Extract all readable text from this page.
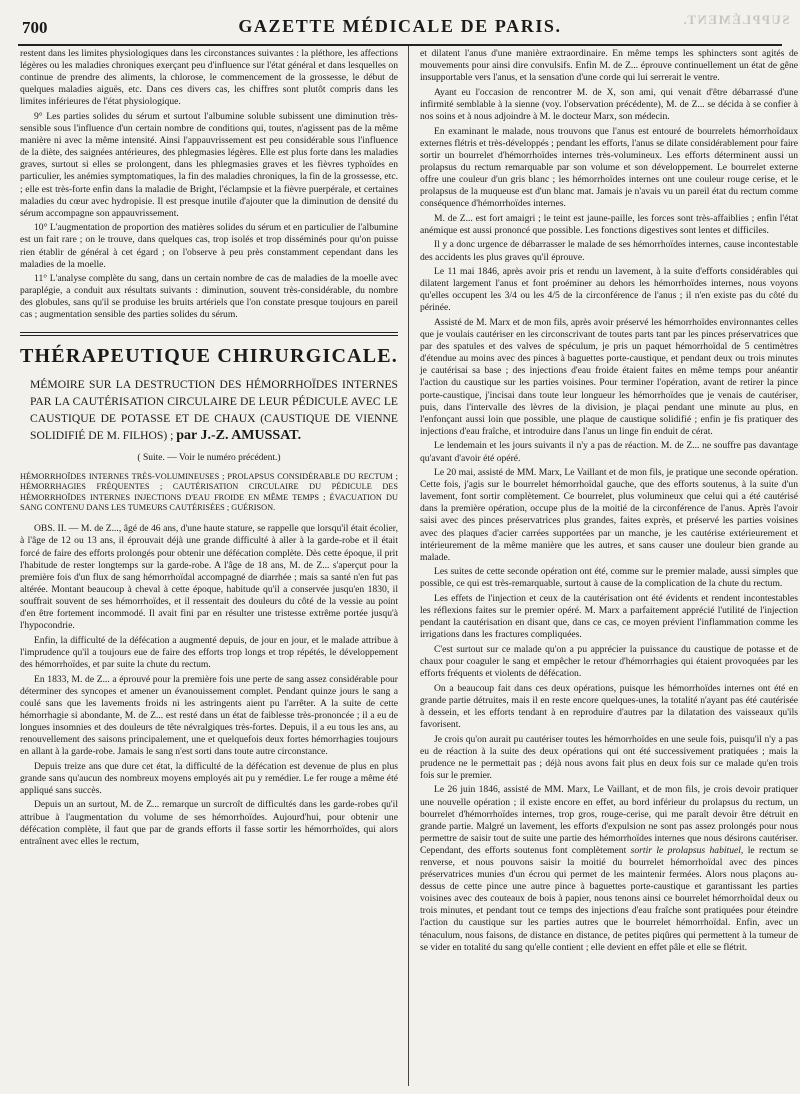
700	GAZETTE MÉDICALE DE PARIS.	SUPPLÉMENT.

restent dans les limites physiologiques dans les circonstances suivantes : la pléthore, les affections légères ou les maladies chroniques exerçant peu d'influence sur l'état général et dans lesquelles on continue de prendre des aliments, la chlorose, le commencement de la grossesse, le début de quelques maladies aiguës, etc. Dans ces divers cas, les chiffres sont plutôt compris dans les limites inférieures de l'état physiologique.

9° Les parties solides du sérum et surtout l'albumine soluble subissent une diminution très-sensible sous l'influence d'un certain nombre de conditions qui, toutes, n'agissent pas de la même manière ni avec la même intensité. Ainsi l'appauvrissement est peu considérable sous l'influence de la diète, des saignées antérieures, des phlegmasies légères. Elle est plus forte dans les maladies graves, surtout si elles se prolongent, dans les phlegmasies graves et les fièvres typhoïdes en particulier, les anémies symptomatiques, la fin des maladies chroniques, la fin de la grossesse, etc. ; elle est très-forte enfin dans la maladie de Bright, l'éclampsie et la fièvre puerpérale, et certaines maladies du cœur avec hydropisie. Il est presque inutile d'ajouter que la diminution de densité du sérum accompagne son appauvrissement.

10° L'augmentation de proportion des matières solides du sérum et en particulier de l'albumine est un fait rare ; on le trouve, dans quelques cas, trop isolés et trop disséminés pour qu'on puisse rien établir de général à cet égard ; on l'observe à peu près constamment cependant dans les maladies de la moelle.

11° L'analyse complète du sang, dans un certain nombre de cas de maladies de la moelle avec paraplégie, a conduit aux résultats suivants : diminution, souvent très-considérable, du nombre des globules, sans qu'il se produise les bruits artériels que l'on constate presque toujours en pareil cas ; augmentation sensible des parties solides du sérum.

THÉRAPEUTIQUE CHIRURGICALE.

MÉMOIRE SUR LA DESTRUCTION DES HÉMORRHOÏDES INTERNES PAR LA CAUTÉRISATION CIRCULAIRE DE LEUR PÉDICULE AVEC LE CAUSTIQUE DE POTASSE ET DE CHAUX (CAUSTIQUE DE VIENNE SOLIDIFIÉ DE M. FILHOS) ; par J.-Z. AMUSSAT.

( Suite. — Voir le numéro précédent.)

HÉMORRHOÏDES INTERNES TRÈS-VOLUMINEUSES ; PROLAPSUS CONSIDÉRABLE DU RECTUM ; HÉMORRHAGIES FRÉQUENTES ; CAUTÉRISATION CIRCULAIRE DU PÉDICULE DES HÉMORRHOÏDES INTERNES INJECTIONS D'EAU FROIDE EN MÊME TEMPS ; ÉVACUATION DU SANG CONTENU DANS LES TUMEURS CAUTÉRISÉES ; GUÉRISON.

OBS. II. — M. de Z..., âgé de 46 ans, d'une haute stature, se rappelle que lorsqu'il était écolier, à l'âge de 12 ou 13 ans, il éprouvait déjà une grande difficulté à aller à la garde-robe et il était forcé de faire des efforts prolongés pour obtenir une défécation complète. Dès cette époque, il prit l'habitude de rester longtemps sur la garde-robe. A l'âge de 18 ans, M. de Z... s'aperçut pour la première fois d'un flux de sang hémorrhoïdal accompagné de diarrhée ; mais sa santé n'en fut pas altérée. Montant beaucoup à cheval à cette époque, habitude qu'il a conservée jusqu'en 1830, il souffrait souvent de ses hémorrhoïdes, et il ressentait des douleurs du côté de la vessie au point d'en être fortement incommodé. Il avait fini par en résulter une tristesse extrême portée jusqu'à l'hypocondrie.

Enfin, la difficulté de la défécation a augmenté depuis, de jour en jour, et le malade attribue à l'imprudence qu'il a toujours eue de faire des efforts trop longs et trop répétés, le développement des hémorrhoïdes, et par suite la chute du rectum.

En 1833, M. de Z... a éprouvé pour la première fois une perte de sang assez considérable pour déterminer des syncopes et amener un évanouissement complet. Pendant quinze jours le sang a coulé sans que les lavements froids ni les astringents aient pu l'arrêter. A la suite de cette hémorrhagie si abondante, M. de Z... est resté dans un état de faiblesse très-prononcée ; il a eu de longues insomnies et des douleurs de tête névralgiques très-fortes. Depuis, il a eu tous les ans, au renouvellement des saisons principalement, une et quelquefois deux fortes hémorrhagies toujours en allant à la garde-robe. Jamais le sang n'est sorti dans toute autre circonstance.

Depuis treize ans que dure cet état, la difficulté de la défécation est devenue de plus en plus grande sans qu'aucun des nombreux moyens employés ait pu y remédier. Le fer rouge a même été appliqué sans succès.

Depuis un an surtout, M. de Z... remarque un surcroît de difficultés dans les garde-robes qu'il attribue à l'augmentation du volume de ses hémorrhoïdes. Aujourd'hui, pour obtenir une défécation complète, il faut que par de grands efforts il fasse sortir les hémorrhoïdes, qui alors entraînent avec elles le rectum,

et dilatent l'anus d'une manière extraordinaire. En même temps les sphincters sont agités de mouvements pour ainsi dire convulsifs. Enfin M. de Z... éprouve continuellement un état de gêne insupportable vers l'anus, et la sensation d'une corde qui lui serrerait le ventre.

Ayant eu l'occasion de rencontrer M. de X, son ami, qui venait d'être débarrassé d'une infirmité semblable à la sienne (voy. l'observation précédente), M. de Z... se décida à se confier à nos soins et à nous adjoindre à M. le docteur Marx, son médecin.

En examinant le malade, nous trouvons que l'anus est entouré de bourrelets hémorrhoïdaux externes flétris et très-développés ; pendant les efforts, l'anus se dilate considérablement pour faire sortir un bourrelet d'hémorrhoïdes internes très-volumineux. Les efforts déterminent aussi un prolapsus du rectum remarquable par son volume et son développement. Le bourrelet externe offre une couleur d'un gris blanc ; les hémorrhoïdes internes ont une couleur rouge cerise, et le prolapsus de la muqueuse est d'un blanc mat. Jamais je n'avais vu un pareil état du rectum comme conséquence d'hémorrhoïdes internes.

M. de Z... est fort amaigri ; le teint est jaune-paille, les forces sont très-affaiblies ; enfin l'état anémique est aussi prononcé que possible. Les fonctions digestives sont lentes et difficiles.

Il y a donc urgence de débarrasser le malade de ses hémorrhoïdes internes, cause incontestable des accidents les plus graves qu'il éprouve.

Le 11 mai 1846, après avoir pris et rendu un lavement, à la suite d'efforts considérables qui dilatent largement l'anus et font proéminer au dehors les hémorrhoïdes internes, nous voyons qu'elles occupent les 3/4 ou les 4/5 de la circonférence de l'anus ; il n'en existe pas du côté du périnée.

Assisté de M. Marx et de mon fils, après avoir préservé les hémorrhoïdes environnantes celles que je voulais cautériser en les circonscrivant de toutes parts tant par les pinces préservatrices que par des spatules et des valves de spéculum, je pris un paquet hémorrhoïdal de 5 centimètres d'étendue au moins avec des pinces à baguettes porte-caustique, et pendant deux ou trois minutes je cautérisai sa base ; des injections d'eau froide étaient faites en même temps pour anéantir l'action du caustique sur les parties voisines. Pour terminer l'opération, avant de retirer la pince porte-caustique, j'incisai dans toute leur longueur les hémorrhoïdes que je venais de cautériser, puis, dans l'intervalle des lèvres de la division, je plaçai pendant une minute au plus, en l'enfonçant aussi loin que possible, une plaque de caustique solidifié ; enfin je fis pratiquer des injections d'eau fraîche, et introduire dans l'anus un linge fin enduit de cérat.

Le lendemain et les jours suivants il n'y a pas de réaction. M. de Z... ne souffre pas davantage qu'avant d'avoir été opéré.

Le 20 mai, assisté de MM. Marx, Le Vaillant et de mon fils, je pratique une seconde opération. Cette fois, j'agis sur le bourrelet hémorrhoïdal gauche, que des efforts soutenus, à la suite d'un lavement, font sortir complètement. Ce bourrelet, plus volumineux que celui qui a été cautérisé dans la première opération, occupe plus de la moitié de la circonférence de l'anus. Après l'avoir saisi avec des pinces préservatrices plus grandes, faites exprès, et préservé les parties voisines avec des plaques d'acier carrées supportées par un manche, je les cautérise extérieurement et intérieurement de la même manière que les autres, et sans causer une douleur bien grande au malade.

Les suites de cette seconde opération ont été, comme sur le premier malade, aussi simples que possible, ce qui est très-remarquable, surtout à cause de la complication de la chute du rectum.

Les effets de l'injection et ceux de la cautérisation ont été évidents et rendent incontestables les réflexions faites sur le premier opéré. M. Marx a parfaitement apprécié l'utilité de l'injection pendant la cautérisation en disant que, dans ce cas, ce moyen prévient l'inflammation comme les irrigations dans les fractures compliquées.

C'est surtout sur ce malade qu'on a pu apprécier la puissance du caustique de potasse et de chaux pour coaguler le sang et empêcher le retour d'hémorrhagies qui étaient provoquées par les efforts fréquents et violents de défécation.

On a beaucoup fait dans ces deux opérations, puisque les hémorrhoïdes internes ont été en grande partie détruites, mais il en reste encore quelques-unes, la totalité n'ayant pas été cautérisée à dessein, et les efforts tendant à en reproduire d'autres par la dilatation des vaisseaux qu'ils favorisent.

Je crois qu'on aurait pu cautériser toutes les hémorrhoïdes en une seule fois, puisqu'il n'y a pas eu de réaction à la suite des deux opérations qui ont été successivement pratiquées ; mais la prudence ne le permettait pas ; déjà nous avons fait plus en deux fois sur ce malade qu'en trois fois sur le premier.

Le 26 juin 1846, assisté de MM. Marx, Le Vaillant, et de mon fils, je crois devoir pratiquer une nouvelle opération ; il existe encore en effet, au bord inférieur du prolapsus du rectum, un bourrelet d'hémorrhoïdes internes, trop gros, rouge-cerise, qui me paraît devoir être détruit en grande partie. Malgré un lavement, les efforts d'expulsion ne sont pas assez prolongés pour nous permettre de saisir tout de suite une partie des hémorrhoïdes internes que nous désirons cautériser. Cependant, des efforts soutenus font complètement sortir le prolapsus habituel, le rectum se renverse, et nous pouvons saisir la moitié du bourrelet hémorrhoïdal avec des pinces préservatrices munies d'un écrou qui permet de les maintenir fermées. Alors nous plaçons au-dessus de cette pince une autre pince à baguettes porte-caustique et garantissant les parties voisines avec des couteaux de bois à papier, nous tenons ainsi ce bourrelet hémorrhoïdal deux ou trois minutes, et pendant tout ce temps des injections d'eau fraîche sont pratiquées pour éteindre l'action du caustique sur les parties autres que le bourrelet hémorrhoïdal. Enfin, avec un ténaculum, nous faisons, de distance en distance, de petites piqûres qui permettent à la tumeur de se vider en totalité du sang qu'elle contient ; elle devient en effet pâle et elle se flétrit.
